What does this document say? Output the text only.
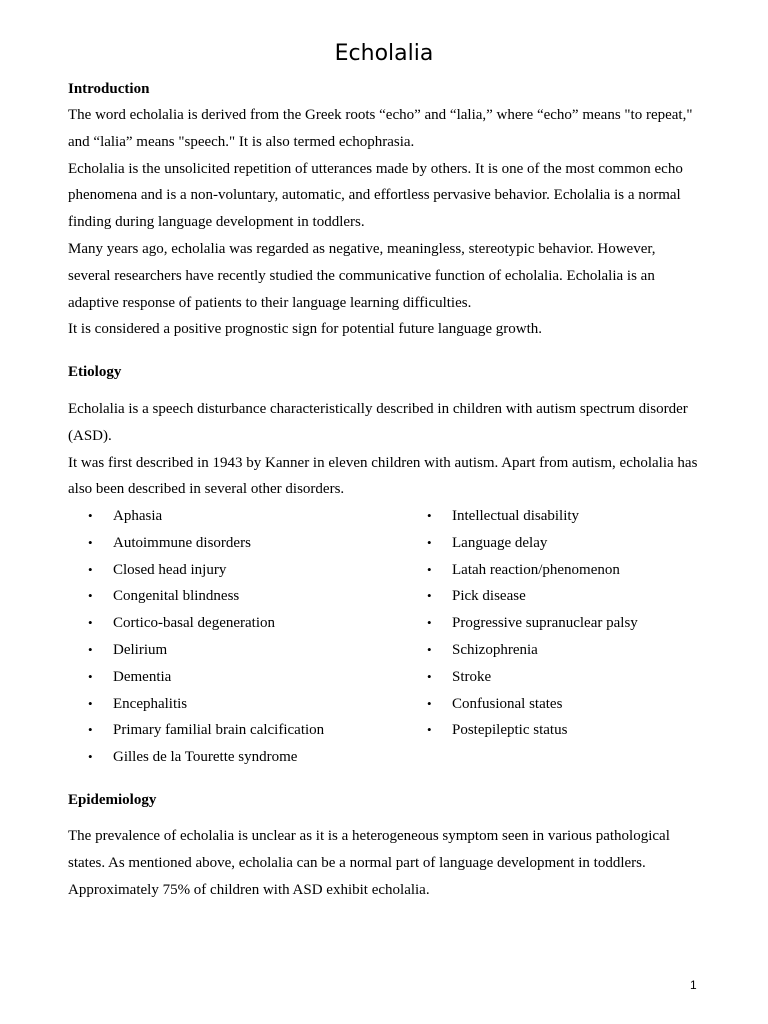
Echolalia
Introduction

The word echolalia is derived from the Greek roots “echo” and “lalia,” where “echo” means "to repeat," and “lalia” means "speech." It is also termed echophrasia.

Echolalia is the unsolicited repetition of utterances made by others. It is one of the most common echo phenomena and is a non-voluntary, automatic, and effortless pervasive behavior. Echolalia is a normal finding during language development in toddlers.

Many years ago, echolalia was regarded as negative, meaningless, stereotypic behavior. However, several researchers have recently studied the communicative function of echolalia. Echolalia is an adaptive response of patients to their language learning difficulties.

It is considered a positive prognostic sign for potential future language growth.

Etiology

Echolalia is a speech disturbance characteristically described in children with autism spectrum disorder (ASD).

It was first described in 1943 by Kanner in eleven children with autism. Apart from autism, echolalia has also been described in several other disorders.

• Aphasia
• Autoimmune disorders
• Closed head injury
• Congenital blindness
• Cortico-basal degeneration
• Delirium
• Dementia
• Encephalitis
• Primary familial brain calcification
• Gilles de la Tourette syndrome
• Intellectual disability
• Language delay
• Latah reaction/phenomenon
• Pick disease
• Progressive supranuclear palsy
• Schizophrenia
• Stroke
• Confusional states
• Postepileptic status
Epidemiology

The prevalence of echolalia is unclear as it is a heterogeneous symptom seen in various pathological states. As mentioned above, echolalia can be a normal part of language development in toddlers. Approximately 75% of children with ASD exhibit echolalia.

1
